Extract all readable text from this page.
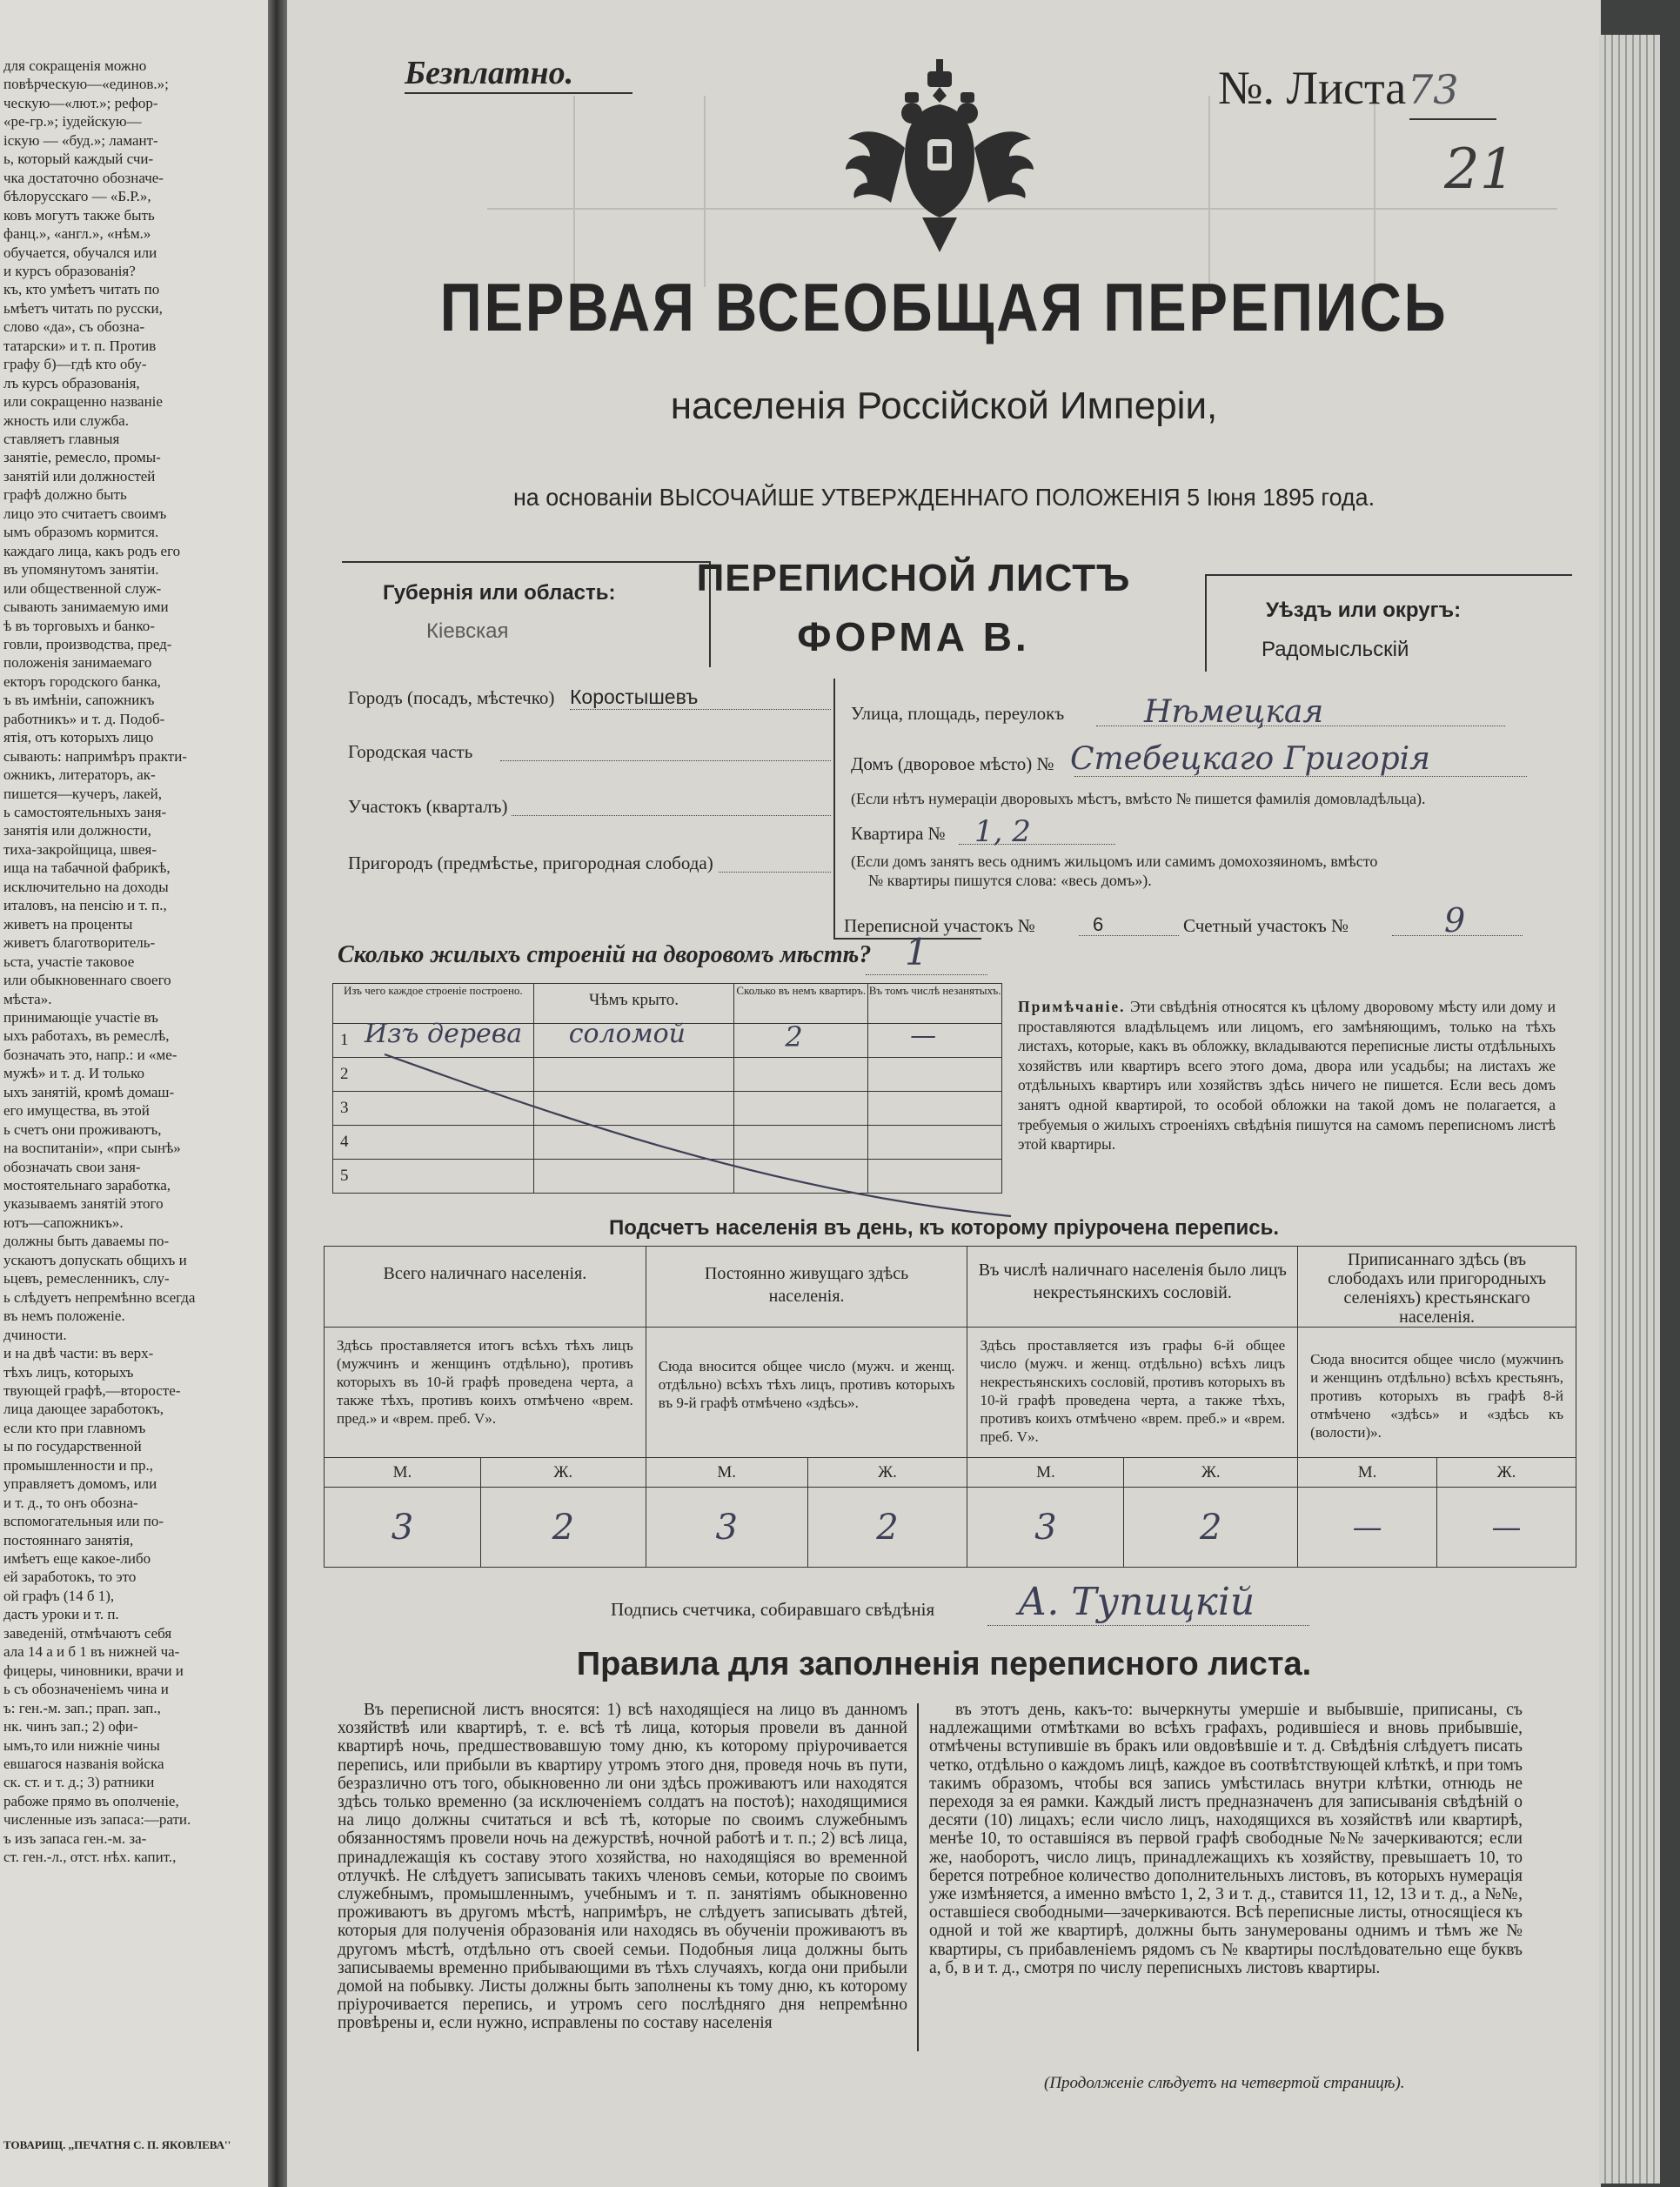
для сокращенія можно
повѣрческую—«единов.»;
ческую—«лют.»; рефор-
«ре-гр.»; іудейскую—
іскую — «буд.»; ламант-
ь, который каждый счи-
чка достаточно обозначе-
бѣлорусскаго — «Б.Р.»,
ковъ могутъ также быть
фанц.», «англ.», «нѣм.»
обучается, обучался или
и курсъ образованія?
къ, кто умѣетъ читать по
ьмѣетъ читать по русски,
слово «да», съ обозна-
татарски» и т. п. Против
графу б)—гдѣ кто обу-
лъ курсъ образованія,
или сокращенно названіе
жность или служба.
ставляетъ главныя
занятіе, ремесло, промы-
занятій или должностей
графѣ должно быть
лицо это считаетъ своимъ
ымъ образомъ кормится.
каждаго лица, какъ родъ его
въ упомянутомъ занятіи.
или общественной служ-
сывають занимаемую ими
ѣ въ торговыхъ и банко-
говли, производства, пред-
положенія занимаемаго
екторъ городского банка,
ъ въ имѣніи, сапожникъ
работникъ» и т. д. Подоб-
ятія, отъ которыхъ лицо
сывають: напримѣръ практи-
ожникъ, литераторъ, ак-
пишется—кучеръ, лакей,
ь самостоятельныхъ заня-
занятія или должности,
тиха-закройщица, швея-
ища на табачной фабрикѣ,
исключительно на доходы
италовъ, на пенсію и т. п.,
живетъ на проценты
живетъ благотворитель-
ьста, участіе таковое
или обыкновеннаго своего
мѣста».
принимающіе участіе въ
ыхъ работахъ, въ ремеслѣ,
бозначать это, напр.: и «ме-
мужѣ» и т. д. И только
ыхъ занятій, кромѣ домаш-
его имущества, въ этой
ь счетъ они проживаютъ,
на воспитаніи», «при сынѣ»
обозначать свои заня-
мостоятельнаго заработка,
указываемъ занятій этого
ютъ—сапожникъ».
должны быть даваемы по-
ускаютъ допускать общихъ и
ьцевъ, ремесленникъ, слу-
ь слѣдуетъ непремѣнно всегда
въ немъ положеніе.
дчиности.
и на двѣ части: въ верх-
тѣхъ лицъ, которыхъ
твующей графѣ,—второсте-
лица дающее заработокъ,
если кто при главномъ
ы по государственной
промышленности и пр.,
управляетъ домомъ, или
и т. д., то онъ обозна-
вспомогательныя или по-
постояннаго занятія,
имѣетъ еще какое-либо
ей заработокъ, то это
ой графъ (14 б 1),
дастъ уроки и т. п.
заведеній, отмѣчаютъ себя
ала 14 а и б 1 въ нижней ча-
фицеры, чиновники, врачи и
ь съ обозначеніемъ чина и
ъ: ген.-м. зап.; прап. зап.,
нк. чинъ зап.; 2) офи-
ымъ,то или нижніе чины
евшагося названія войска
ск. ст. и т. д.; 3) ратники
рабоже прямо въ ополченіе,
численные изъ запаса:—рати.
ъ изъ запаса ген.-м. за-
ст. ген.-л., отст. нѣх. капит.,
ТОВАРИЩ. ,,ПЕЧАТНЯ С. П. ЯКОВЛЕВА''
Безплатно.	№. Листа 73
21
ПЕРВАЯ ВСЕОБЩАЯ ПЕРЕПИСЬ
населенія Россійской Имперіи,
на основаніи ВЫСОЧАЙШЕ УТВЕРЖДЕННАГО ПОЛОЖЕНІЯ 5 Іюня 1895 года.
Губернія или область:
Кіевская
ПЕРЕПИСНОЙ ЛИСТЪ
ФОРМА В.
Уѣздъ или округъ:
Радомысльскій
Городъ (посадъ, мѣстечко) Коростышевъ
Городская часть
Участокъ (кварталъ)
Пригородъ (предмѣстье, пригородная слобода)
Улица, площадь, переулокъ	Нѣмецкая
Домъ (дворовое мѣсто) № Стебецкаго Григорія
(Если нѣтъ нумераціи дворовыхъ мѣстъ, вмѣсто № пишется фамилія домовладѣльца).
Квартира № 1, 2
(Если домъ занятъ весь однимъ жильцомъ или самимъ домохозяиномъ, вмѣсто
№ квартиры пишутся слова: «весь домъ»).
Переписной участокъ №	6	Счетный участокъ №	9
Сколько жилыхъ строеній на дворовомъ мѣстѣ? 1
Изъ чего каждое строеніе построено.	Чѣмъ крыто.	Сколько въ немъ квартиръ.	Въ томъ числѣ незанятыхъ.

1 Изъ дерева	соломой	2	—

2			

3			

4			

5			

Примѣчаніе. Эти свѣдѣнія относятся къ цѣлому дворовому мѣсту или дому и проставляются владѣльцемъ или лицомъ, его замѣняющимъ, только на тѣхъ листахъ, которые, какъ въ обложку, вкладываются переписные листы отдѣльныхъ хозяйствъ или квартиръ всего этого дома, двора или усадьбы; на листахъ же отдѣльныхъ квартиръ или хозяйствъ здѣсь ничего не пишется. Если весь домъ занятъ одной квартирой, то особой обложки на такой домъ не полагается, а требуемыя о жилыхъ строеніяхъ свѣдѣнія пишутся на самомъ переписномъ листѣ этой квартиры.
Подсчетъ населенія въ день, къ которому пріурочена перепись.
Всего наличнаго населенія.		Постоянно живущаго здѣсь населенія.		Въ числѣ наличнаго населенія было лицъ некрестьянскихъ сословій.		Приписаннаго здѣсь (въ слободахъ или пригородныхъ селеніяхъ) крестьянскаго населенія.	
Здѣсь проставляется итогъ всѣхъ тѣхъ лицъ (мужчинъ и женщинъ отдѣльно), противъ которыхъ въ 10-й графѣ проведена черта, а также тѣхъ, противъ коихъ отмѣчено «врем. пред.» и «врем. преб. V».		Сюда вносится общее число (мужч. и женщ. отдѣльно) всѣхъ тѣхъ лицъ, противъ которыхъ въ 9-й графѣ отмѣчено «здѣсь».		Здѣсь проставляется изъ графы 6-й общее число (мужч. и женщ. отдѣльно) всѣхъ лицъ некрестьянскихъ сословій, противъ которыхъ въ 10-й графѣ проведена черта, а также тѣхъ, противъ коихъ отмѣчено «врем. преб.» и «врем. преб. V».		Сюда вносится общее число (мужчинъ и женщинъ отдѣльно) всѣхъ крестьянъ, противъ которыхъ въ графѣ 8-й отмѣчено «здѣсь» и «здѣсь къ (волости)».	
М.	Ж.	М.	Ж.	М.	Ж.	М.	Ж.
3	2	3	2	3	2	—	—
Подпись счетчика, собиравшаго свѣдѣнія А. Тупицкій
Правила для заполненія переписного листа.

Въ переписной листъ вносятся: 1) всѣ находящіеся на лицо въ данномъ хозяйствѣ или квартирѣ, т. е. всѣ тѣ лица, которыя провели въ данной квартирѣ ночь, предшествовавшую тому дню, къ которому пріурочивается перепись, или прибыли въ квартиру утромъ этого дня, проведя ночь въ пути, безразлично отъ того, обыкновенно ли они здѣсь проживаютъ или находятся здѣсь только временно (за исключеніемъ солдатъ на постоѣ); находящимися на лицо должны считаться и всѣ тѣ, которые по своимъ служебнымъ обязанностямъ провели ночь на дежурствѣ, ночной работѣ и т. п.; 2) всѣ лица, принадлежащія къ составу этого хозяйства, но находящіяся во временной отлучкѣ. Не слѣдуетъ записывать такихъ членовъ семьи, которые по своимъ служебнымъ, промышленнымъ, учебнымъ и т. п. занятіямъ обыкновенно проживаютъ въ другомъ мѣстѣ, напримѣръ, не слѣдуетъ записывать дѣтей, которыя для полученія образованія или находясь въ обученіи проживаютъ въ другомъ мѣстѣ, отдѣльно отъ своей семьи. Подобныя лица должны быть записываемы временно прибывающими въ тѣхъ случаяхъ, когда они прибыли домой на побывку. Листы должны быть заполнены къ тому дню, къ которому пріурочивается перепись, и утромъ сего послѣдняго дня непремѣнно провѣрены и, если нужно, исправлены по составу населенія

въ этотъ день, какъ-то: вычеркнуты умершіе и выбывшіе, приписаны, съ надлежащими отмѣтками во всѣхъ графахъ, родившіеся и вновь прибывшіе, отмѣчены вступившіе въ бракъ или овдовѣвшіе и т. д. Свѣдѣнія слѣдуетъ писать четко, отдѣльно о каждомъ лицѣ, каждое въ соотвѣтствующей клѣткѣ, и при томъ такимъ образомъ, чтобы вся запись умѣстилась внутри клѣтки, отнюдь не переходя за ея рамки. Каждый листъ предназначенъ для записыванія свѣдѣній о десяти (10) лицахъ; если число лицъ, находящихся въ хозяйствѣ или квартирѣ, менѣе 10, то оставшіяся въ первой графѣ свободные №№ зачеркиваются; если же, наоборотъ, число лицъ, принадлежащихъ къ хозяйству, превышаетъ 10, то берется потребное количество дополнительныхъ листовъ, въ которыхъ нумерація уже измѣняется, а именно вмѣсто 1, 2, 3 и т. д., ставится 11, 12, 13 и т. д., а №№, оставшіеся свободными—зачеркиваются. Всѣ переписные листы, относящіеся къ одной и той же квартирѣ, должны быть занумерованы однимъ и тѣмъ же № квартиры, съ прибавленіемъ рядомъ съ № квартиры послѣдовательно еще буквъ а, б, в и т. д., смотря по числу переписныхъ листовъ квартиры.

(Продолженіе слѣдуетъ на четвертой страницѣ).
